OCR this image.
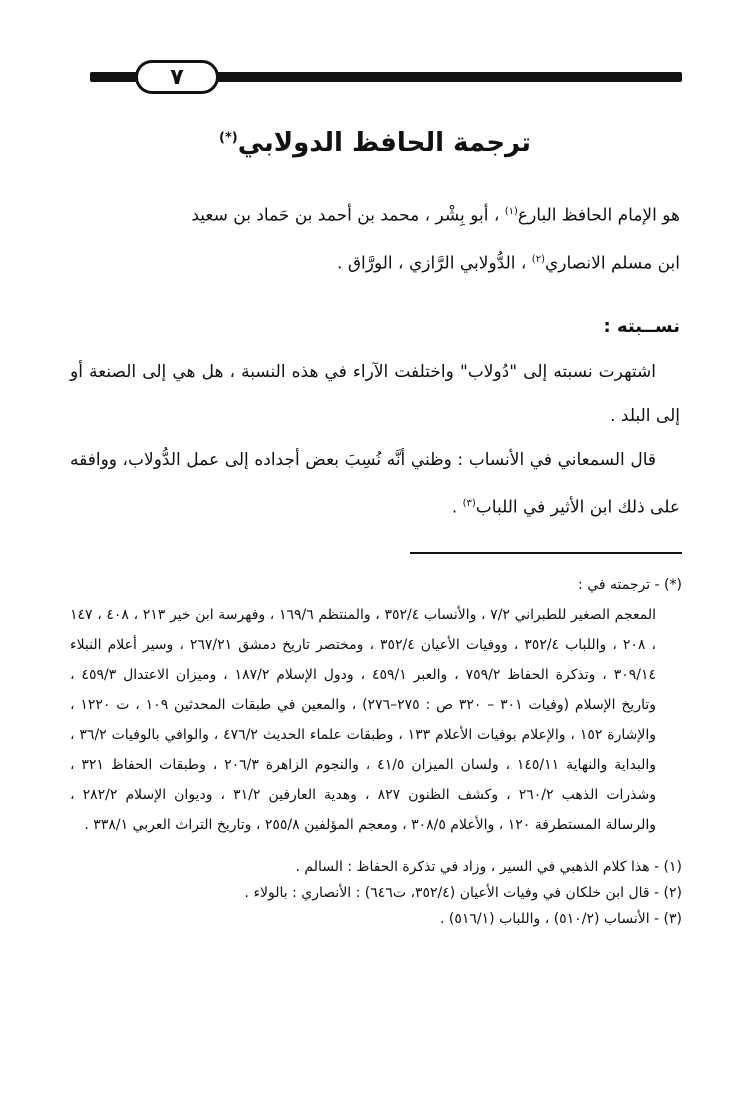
٧
ترجمة الحافظ الدولابي(*)

هو الإمام الحافظ البارع$^{(١)}$ ، أبو بِشْر ، محمد بن أحمد بن حَماد بن سعيد

ابن مسلم الانصاري$^{(٢)}$ ، الدُّولابي الرَّازي ، الورَّاق .

نســبته :

اشتهرت نسبته إلى "دُولاب" واختلفت الآراء في هذه النسبة ، هل هي إلى الصنعة أو إلى البلد .

قال السمعاني في الأنساب : وظني أنَّه نُسِبَ بعض أجداده إلى عمل الدُّولاب، ووافقه على ذلك ابن الأثير في اللباب$^{(٣)}$ .

(*) - ترجمته في :
المعجم الصغير للطبراني ٧/٢ ، والأنساب ٣٥٢/٤ ، والمنتظم ١٦٩/٦ ، وفهرسة ابن خير ٢١٣ ، ٤٠٨ ، ١٤٧ ، ٢٠٨ ، واللباب ٣٥٢/٤ ، ووفيات الأعيان ٣٥٢/٤ ، ومختصر تاريخ دمشق ٢٦٧/٢١ ، وسير أعلام النبلاء ٣٠٩/١٤ ، وتذكرة الحفاظ ٧٥٩/٢ ، والعبر ٤٥٩/١ ، ودول الإسلام ١٨٧/٢ ، وميزان الاعتدال ٤٥٩/٣ ، وتاريخ الإسلام (وفيات ٣٠١ – ٣٢٠ ص : ٢٧٥–٢٧٦) ، والمعين في طبقات المحدثين ١٠٩ ، ت ١٢٢٠ ، والإشارة ١٥٢ ، والإعلام بوفيات الأعلام ١٣٣ ، وطبقات علماء الحديث ٤٧٦/٢ ، والوافي بالوفيات ٣٦/٢ ، والبداية والنهاية ١٤٥/١١ ، ولسان الميزان ٤١/٥ ، والنجوم الزاهرة ٢٠٦/٣ ، وطبقات الحفاظ ٣٢١ ، وشذرات الذهب ٢٦٠/٢ ، وكشف الظنون ٨٢٧ ، وهدية العارفين ٣١/٢ ، وديوان الإسلام ٢٨٢/٢ ، والرسالة المستطرفة ١٢٠ ، والأعلام ٣٠٨/٥ ، ومعجم المؤلفين ٢٥٥/٨ ، وتاريخ التراث العربي ٣٣٨/١ .
(١) - هذا كلام الذهبي في السير ، وزاد في تذكرة الحفاظ : السالم .
(٢) - قال ابن خلكان في وفيات الأعيان (٣٥٢/٤، ت٦٤٦) : الأنصاري : بالولاء .
(٣) - الأنساب (٥١٠/٢) ، واللباب (٥١٦/١) .
